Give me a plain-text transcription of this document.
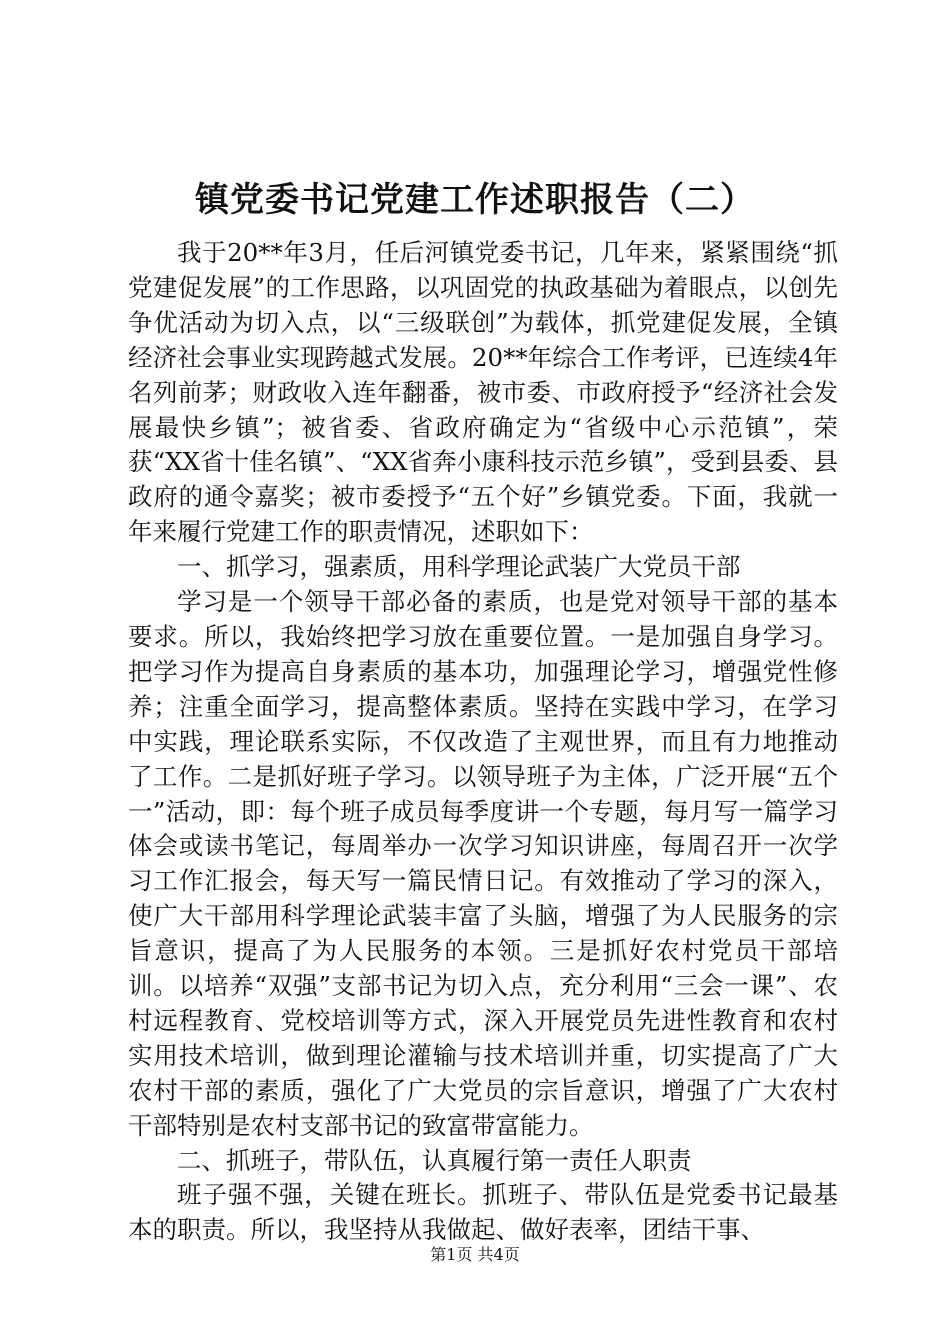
镇党委书记党建工作述职报告（二）

我于20**年3月，任后河镇党委书记，几年来，紧紧围绕“抓党建促发展”的工作思路，以巩固党的执政基础为着眼点，以创先争优活动为切入点，以“三级联创”为载体，抓党建促发展，全镇经济社会事业实现跨越式发展。20**年综合工作考评，已连续4年名列前茅；财政收入连年翻番，被市委、市政府授予“经济社会发展最快乡镇”；被省委、省政府确定为“省级中心示范镇”，荣获“XX省十佳名镇”、“XX省奔小康科技示范乡镇”，受到县委、县政府的通令嘉奖；被市委授予“五个好”乡镇党委。下面，我就一年来履行党建工作的职责情况，述职如下：

一、抓学习，强素质，用科学理论武装广大党员干部

学习是一个领导干部必备的素质，也是党对领导干部的基本要求。所以，我始终把学习放在重要位置。一是加强自身学习。把学习作为提高自身素质的基本功，加强理论学习，增强党性修养；注重全面学习，提高整体素质。坚持在实践中学习，在学习中实践，理论联系实际，不仅改造了主观世界，而且有力地推动了工作。二是抓好班子学习。以领导班子为主体，广泛开展“五个一”活动，即：每个班子成员每季度讲一个专题，每月写一篇学习体会或读书笔记，每周举办一次学习知识讲座，每周召开一次学习工作汇报会，每天写一篇民情日记。有效推动了学习的深入，使广大干部用科学理论武装丰富了头脑，增强了为人民服务的宗旨意识，提高了为人民服务的本领。三是抓好农村党员干部培训。以培养“双强”支部书记为切入点，充分利用“三会一课”、农村远程教育、党校培训等方式，深入开展党员先进性教育和农村实用技术培训，做到理论灌输与技术培训并重，切实提高了广大农村干部的素质，强化了广大党员的宗旨意识，增强了广大农村干部特别是农村支部书记的致富带富能力。

二、抓班子，带队伍，认真履行第一责任人职责

班子强不强，关键在班长。抓班子、带队伍是党委书记最基本的职责。所以，我坚持从我做起、做好表率，团结干事、

第1页 共4页
